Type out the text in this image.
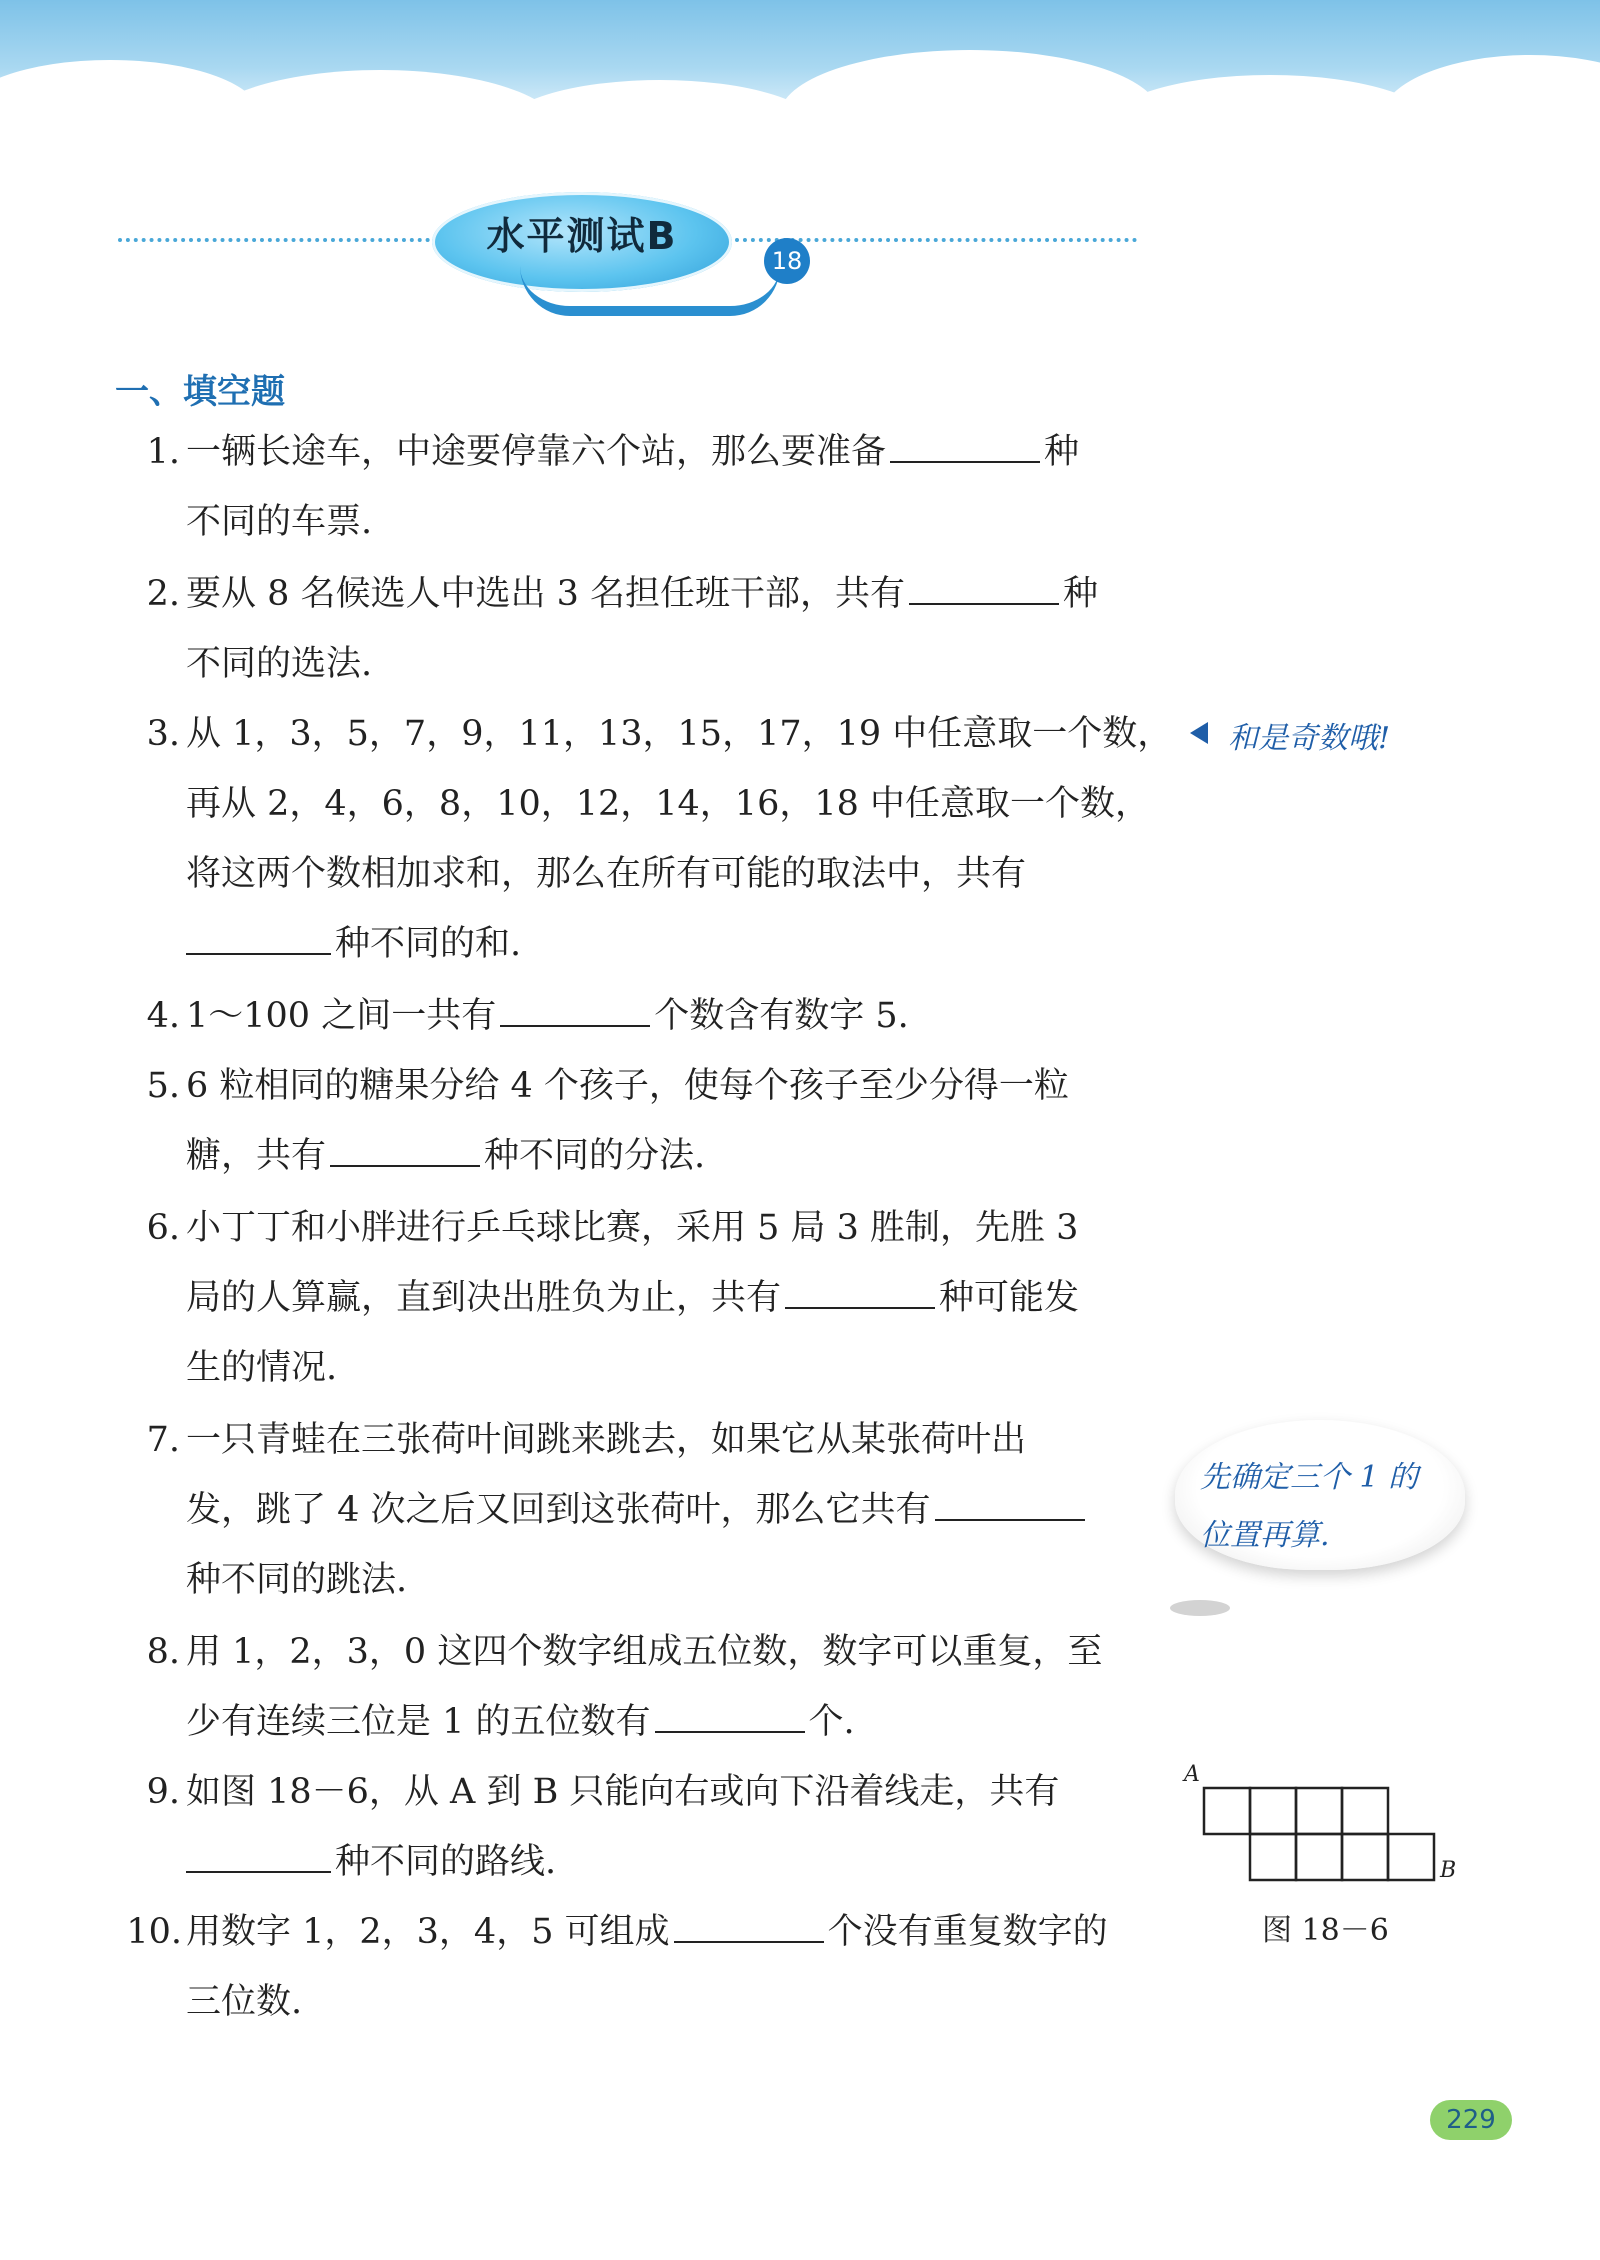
水平测试B
18
一、填空题
1. 一辆长途车，中途要停靠六个站，那么要准备	种
不同的车票.
2. 要从 8 名候选人中选出 3 名担任班干部，共有	种
不同的选法.
3. 从 1，3，5，7，9，11，13，15，17，19 中任意取一个数，
再从 2，4，6，8，10，12，14，16，18 中任意取一个数，
将这两个数相加求和，那么在所有可能的取法中，共有
种不同的和.
4. 1～100 之间一共有	个数含有数字 5.
5. 6 粒相同的糖果分给 4 个孩子，使每个孩子至少分得一粒
糖，共有	种不同的分法.
6. 小丁丁和小胖进行乒乓球比赛，采用 5 局 3 胜制，先胜 3
局的人算赢，直到决出胜负为止，共有	种可能发
生的情况.
7. 一只青蛙在三张荷叶间跳来跳去，如果它从某张荷叶出
发，跳了 4 次之后又回到这张荷叶，那么它共有
种不同的跳法.
8. 用 1，2，3，0 这四个数字组成五位数，数字可以重复，至
少有连续三位是 1 的五位数有	个.
9. 如图 18－6，从 A 到 B 只能向右或向下沿着线走，共有
种不同的路线.
10. 用数字 1，2，3，4，5 可组成	个没有重复数字的
三位数.
和是奇数哦!
先确定三个 1 的
位置再算.
A
B
图 18－6
229
